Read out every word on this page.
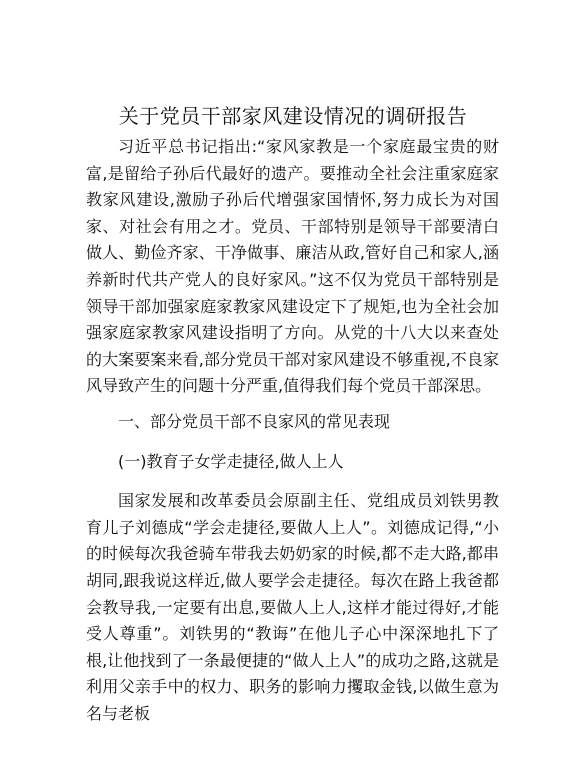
关于党员干部家风建设情况的调研报告

习近平总书记指出:“家风家教是一个家庭最宝贵的财富,是留给子孙后代最好的遗产。要推动全社会注重家庭家教家风建设,激励子孙后代增强家国情怀,努力成长为对国家、对社会有用之才。党员、干部特别是领导干部要清白做人、勤俭齐家、干净做事、廉洁从政,管好自己和家人,涵养新时代共产党人的良好家风。”这不仅为党员干部特别是领导干部加强家庭家教家风建设定下了规矩,也为全社会加强家庭家教家风建设指明了方向。从党的十八大以来查处的大案要案来看,部分党员干部对家风建设不够重视,不良家风导致产生的问题十分严重,值得我们每个党员干部深思。

一、部分党员干部不良家风的常见表现

(一)教育子女学走捷径,做人上人

国家发展和改革委员会原副主任、党组成员刘铁男教育儿子刘德成“学会走捷径,要做人上人”。刘德成记得,“小的时候每次我爸骑车带我去奶奶家的时候,都不走大路,都串胡同,跟我说这样近,做人要学会走捷径。每次在路上我爸都会教导我,一定要有出息,要做人上人,这样才能过得好,才能受人尊重”。刘铁男的“教诲”在他儿子心中深深地扎下了根,让他找到了一条最便捷的“做人上人”的成功之路,这就是利用父亲手中的权力、职务的影响力攫取金钱,以做生意为名与老板
